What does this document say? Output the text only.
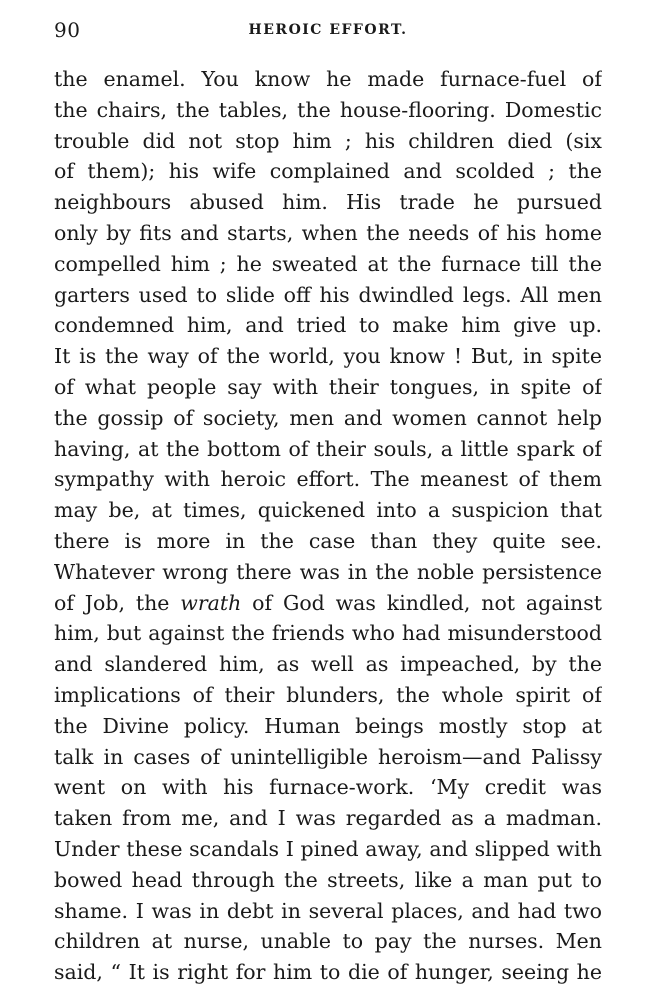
90	HEROIC EFFORT.
the enamel. You know he made furnace-fuel of
the chairs, the tables, the house-flooring. Domestic
trouble did not stop him ; his children died (six
of them); his wife complained and scolded ; the
neighbours abused him. His trade he pursued
only by fits and starts, when the needs of his home
compelled him ; he sweated at the furnace till the
garters used to slide off his dwindled legs. All men
condemned him, and tried to make him give up.
It is the way of the world, you know ! But, in spite
of what people say with their tongues, in spite of
the gossip of society, men and women cannot help
having, at the bottom of their souls, a little spark of
sympathy with heroic effort. The meanest of them
may be, at times, quickened into a suspicion that
there is more in the case than they quite see.
Whatever wrong there was in the noble persistence
of Job, the wrath of God was kindled, not against
him, but against the friends who had misunderstood
and slandered him, as well as impeached, by the
implications of their blunders, the whole spirit of
the Divine policy. Human beings mostly stop at
talk in cases of unintelligible heroism—and Palissy
went on with his furnace-work. ‘My credit was
taken from me, and I was regarded as a madman.
Under these scandals I pined away, and slipped with
bowed head through the streets, like a man put to
shame. I was in debt in several places, and had two
children at nurse, unable to pay the nurses. Men
said, “ It is right for him to die of hunger, seeing he
